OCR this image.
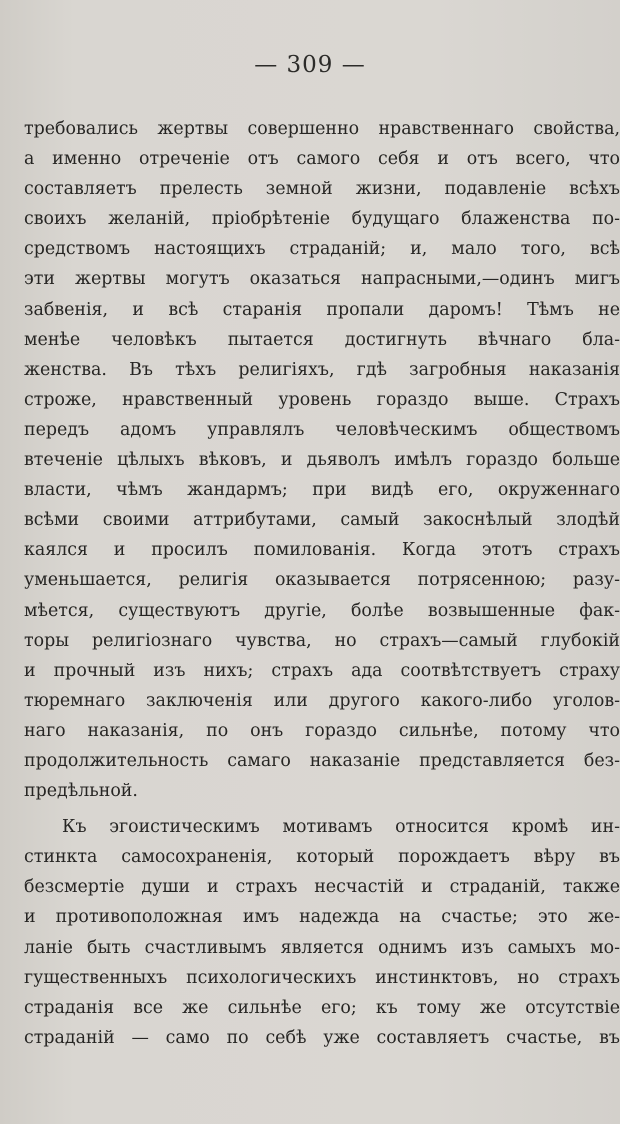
— 309 —
требовались жертвы совершенно нравственнаго свойства,
а именно отреченіе отъ самого себя и отъ всего, что
составляетъ прелесть земной жизни, подавленіе всѣхъ
своихъ желаній, пріобрѣтеніе будущаго блаженства по-
средствомъ настоящихъ страданій; и, мало того, всѣ
эти жертвы могутъ оказаться напрасными,—одинъ мигъ
забвенія, и всѣ старанія пропали даромъ! Тѣмъ не
менѣе человѣкъ пытается достигнуть вѣчнаго бла-
женства. Въ тѣхъ религіяхъ, гдѣ загробныя наказанія
строже, нравственный уровень гораздо выше. Страхъ
передъ адомъ управлялъ человѣческимъ обществомъ
втеченіе цѣлыхъ вѣковъ, и дьяволъ имѣлъ гораздо больше
власти, чѣмъ жандармъ; при видѣ его, окруженнаго
всѣми своими аттрибутами, самый закоснѣлый злодѣй
каялся и просилъ помилованія. Когда этотъ страхъ
уменьшается, религія оказывается потрясенною; разу-
мѣется, существуютъ другіе, болѣе возвышенные фак-
торы религіознаго чувства, но страхъ—самый глубокій
и прочный изъ нихъ; страхъ ада соотвѣтствуетъ страху
тюремнаго заключенія или другого какого-либо уголов-
наго наказанія, по онъ гораздо сильнѣе, потому что
продолжительность самаго наказаніе представляется без-
предѣльной.
Къ эгоистическимъ мотивамъ относится кромѣ ин-
стинкта самосохраненія, который порождаетъ вѣру въ
безсмертіе души и страхъ несчастій и страданій, также
и противоположная имъ надежда на счастье; это же-
ланіе быть счастливымъ является однимъ изъ самыхъ мо-
гущественныхъ психологическихъ инстинктовъ, но страхъ
страданія все же сильнѣе его; къ тому же отсутствіе
страданій — само по себѣ уже составляетъ счастье, въ
